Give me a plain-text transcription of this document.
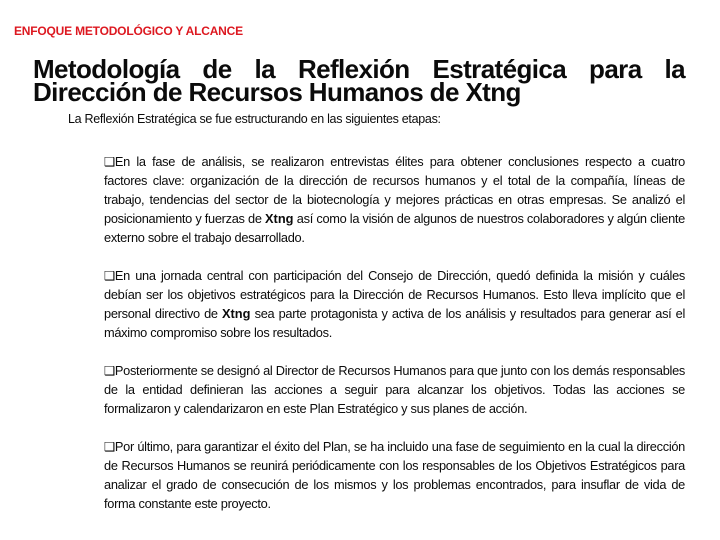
ENFOQUE METODOLÓGICO Y ALCANCE
Metodología de la Reflexión Estratégica para la
Dirección de Recursos Humanos de Xtng
La Reflexión Estratégica se fue estructurando en las siguientes etapas:

❑En la fase de análisis, se realizaron entrevistas élites para obtener conclusiones respecto a cuatro factores clave: organización de la dirección de recursos humanos y el total de la compañía, líneas de trabajo, tendencias del sector de la biotecnología y mejores prácticas en otras empresas. Se analizó el posicionamiento y fuerzas de Xtng así como la visión de algunos de nuestros colaboradores y algún cliente externo sobre el trabajo desarrollado.

❑En una jornada central con participación del Consejo de Dirección, quedó definida la misión y cuáles debían ser los objetivos estratégicos para la Dirección de Recursos Humanos. Esto lleva implícito que el personal directivo de Xtng sea parte protagonista y activa de los análisis y resultados para generar así el máximo compromiso sobre los resultados.

❑Posteriormente se designó al Director de Recursos Humanos para que junto con los demás responsables de la entidad definieran las acciones a seguir para alcanzar los objetivos. Todas las acciones se formalizaron y calendarizaron en este Plan Estratégico y sus planes de acción.

❑Por último, para garantizar el éxito del Plan, se ha incluido una fase de seguimiento en la cual la dirección de Recursos Humanos se reunirá periódicamente con los responsables de los Objetivos Estratégicos para analizar el grado de consecución de los mismos y los problemas encontrados, para insuflar de vida de forma constante este proyecto.
